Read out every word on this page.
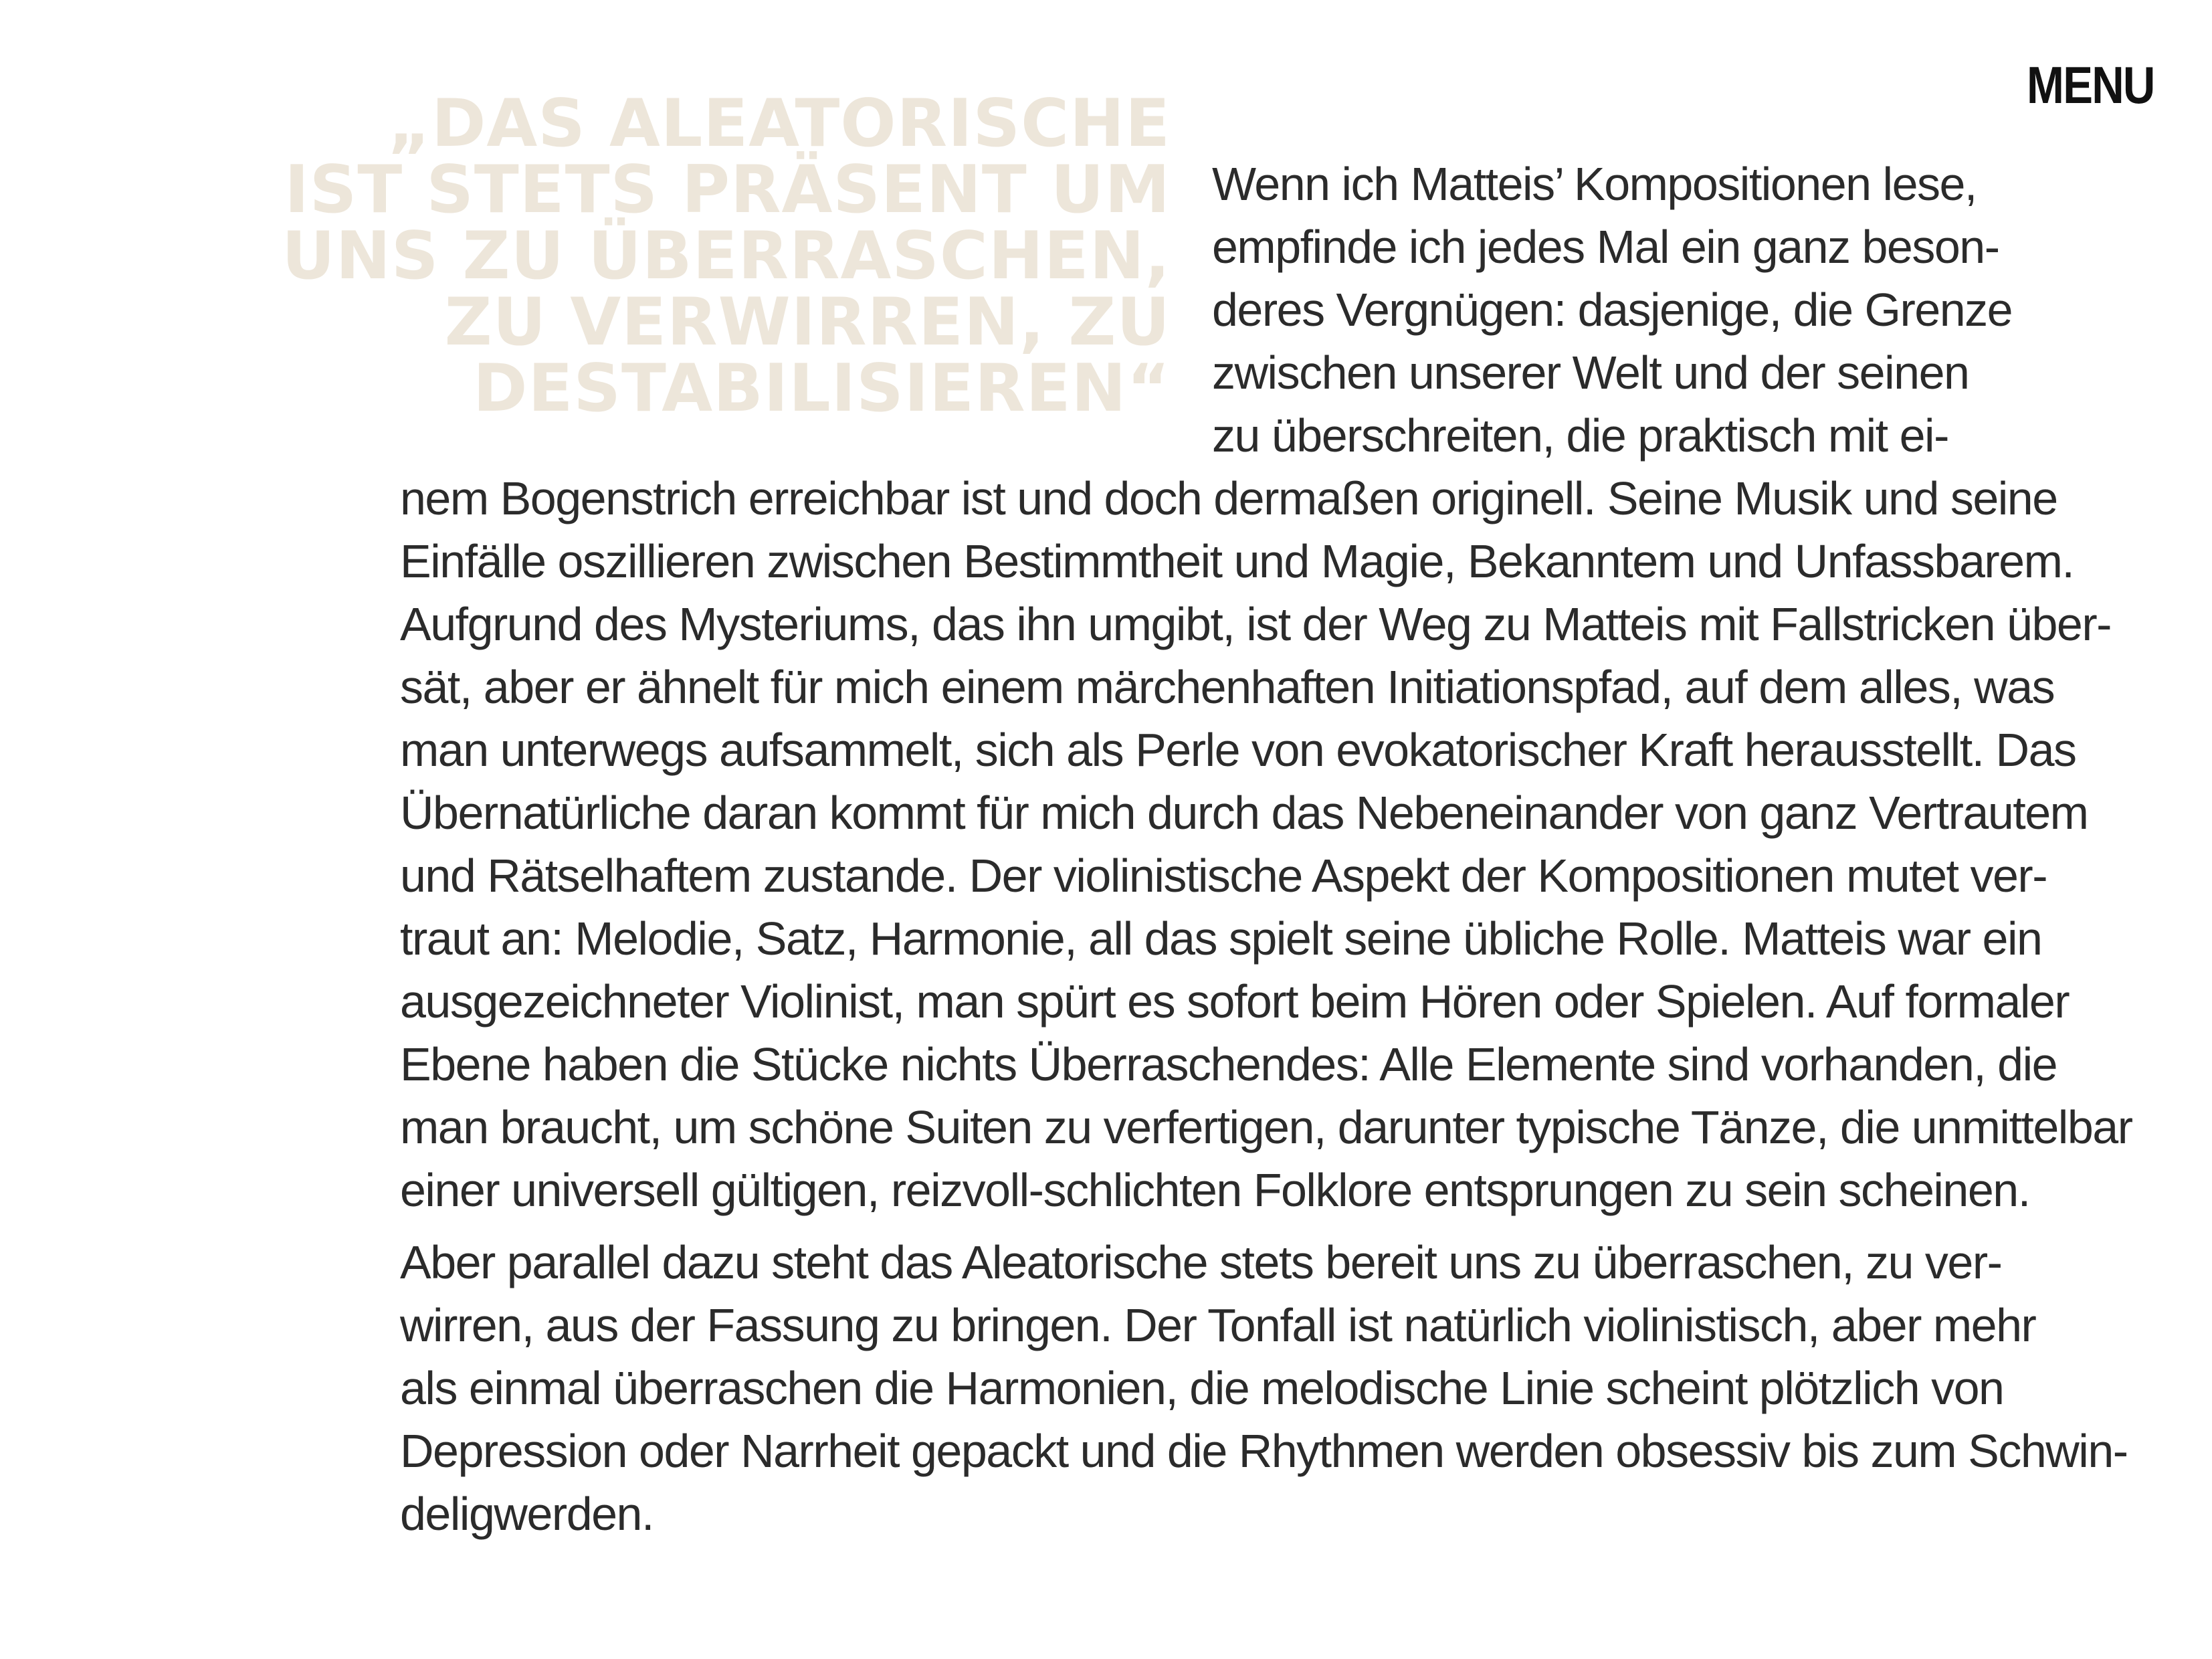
MENU
„DAS ALEATORISCHE
IST STETS PRÄSENT UM
UNS ZU ÜBERRASCHEN,
ZU VERWIRREN, ZU
DESTABILISIEREN“
Wenn ich Matteis’ Kompositionen lese,
empfinde ich jedes Mal ein ganz beson-
deres Vergnügen: dasjenige, die Grenze
zwischen unserer Welt und der seinen
zu überschreiten, die praktisch mit ei-
nem Bogenstrich erreichbar ist und doch dermaßen originell. Seine Musik und seine
Einfälle oszillieren zwischen Bestimmtheit und Magie, Bekanntem und Unfassbarem.
Aufgrund des Mysteriums, das ihn umgibt, ist der Weg zu Matteis mit Fallstricken über-
sät, aber er ähnelt für mich einem märchenhaften Initiationspfad, auf dem alles, was
man unterwegs aufsammelt, sich als Perle von evokatorischer Kraft herausstellt. Das
Übernatürliche daran kommt für mich durch das Nebeneinander von ganz Vertrautem
und Rätselhaftem zustande. Der violinistische Aspekt der Kompositionen mutet ver-
traut an: Melodie, Satz, Harmonie, all das spielt seine übliche Rolle. Matteis war ein
ausgezeichneter Violinist, man spürt es sofort beim Hören oder Spielen. Auf formaler
Ebene haben die Stücke nichts Überraschendes: Alle Elemente sind vorhanden, die
man braucht, um schöne Suiten zu verfertigen, darunter typische Tänze, die unmittelbar
einer universell gültigen, reizvoll-schlichten Folklore entsprungen zu sein scheinen.
Aber parallel dazu steht das Aleatorische stets bereit uns zu überraschen, zu ver-
wirren, aus der Fassung zu bringen. Der Tonfall ist natürlich violinistisch, aber mehr
als einmal überraschen die Harmonien, die melodische Linie scheint plötzlich von
Depression oder Narrheit gepackt und die Rhythmen werden obsessiv bis zum Schwin-
deligwerden.
